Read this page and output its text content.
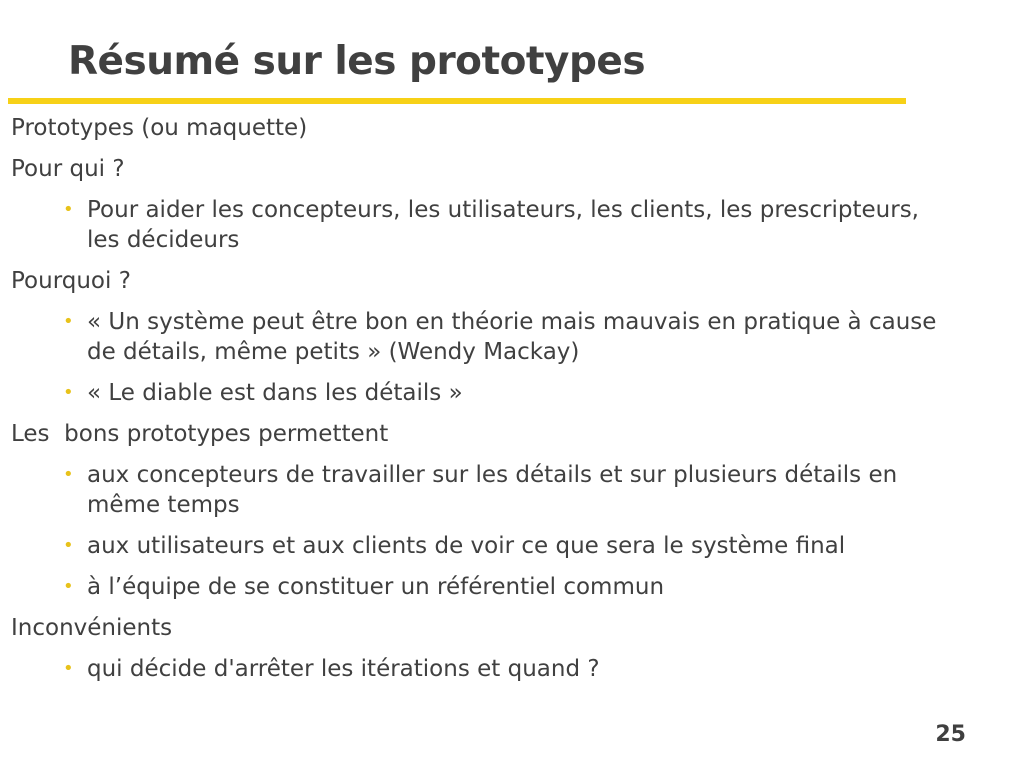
Résumé sur les prototypes

Prototypes (ou maquette)

Pour qui ?

• Pour aider les concepteurs, les utilisateurs, les clients, les prescripteurs, les décideurs

Pourquoi ?

• « Un système peut être bon en théorie mais mauvais en pratique à cause de détails, même petits » (Wendy Mackay)
• « Le diable est dans les détails »

Les  bons prototypes permettent

• aux concepteurs de travailler sur les détails et sur plusieurs détails en même temps
• aux utilisateurs et aux clients de voir ce que sera le système final
• à l’équipe de se constituer un référentiel commun

Inconvénients

• qui décide d'arrêter les itérations et quand ?
25
